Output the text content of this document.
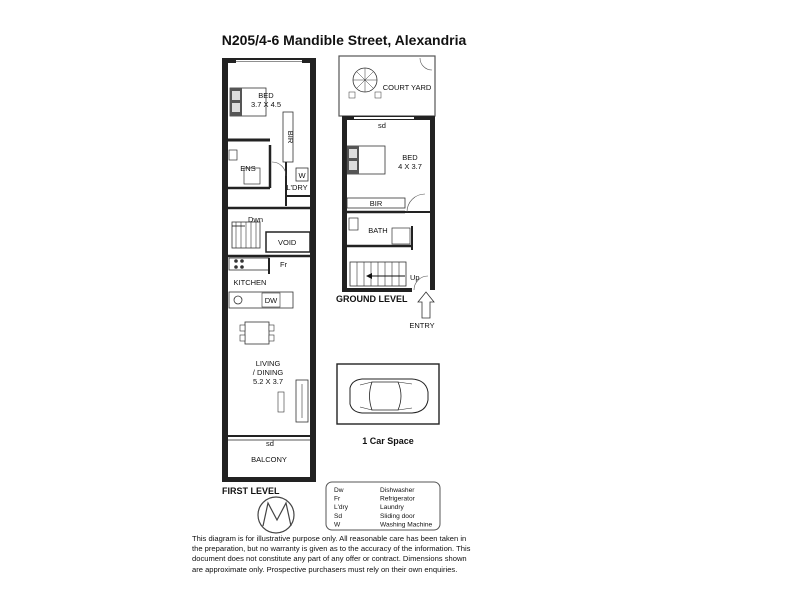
N205/4-6 Mandible Street, Alexandria
BIR
BED
3.7 X 4.5
ENS
W
L'DRY
Dwn
VOID
Fr
KITCHEN
DW
LIVING
/ DINING
5.2 X 3.7
sd
BALCONY
FIRST LEVEL
COURT YARD
sd
BED
4 X 3.7
BIR
BATH
Up
GROUND LEVEL
ENTRY
1 Car Space
Dw	Dishwasher
Fr	Refrigerator
L'dry	Laundry
Sd	Sliding door
W	Washing Machine
This diagram is for illustrative purpose only. All reasonable care has been taken in
the preparation, but no warranty is given as to the accuracy of the information. This
document does not constitute any part of any offer or contract. Dimensions shown
are approximate only. Prospective purchasers must rely on their own enquiries.
